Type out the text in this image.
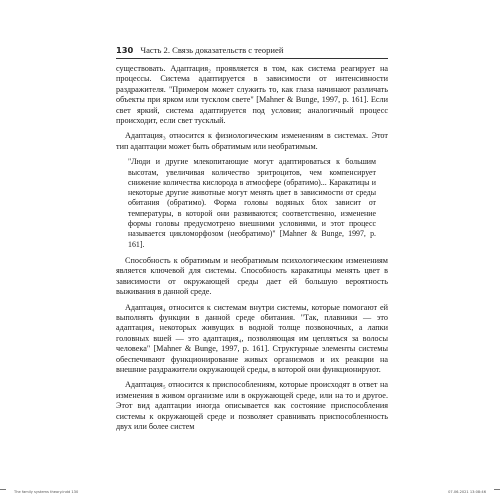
130 Часть 2. Связь доказательств с теорией

существовать. Адаптация₂ проявляется в том, как система реагирует на процессы. Система адаптируется в зависимости от интенсивности раздражителя. "Примером может служить то, как глаза начинают различать объекты при ярком или тусклом свете" [Mahner & Bunge, 1997, p. 161]. Если свет яркий, система адаптируется под условия; аналогичный процесс происходит, если свет тусклый.

Адаптация₃ относится к физиологическим изменениям в системах. Этот тип адаптации может быть обратимым или необратимым.

"Люди и другие млекопитающие могут адаптироваться к большим высотам, увеличивая количество эритроцитов, чем компенсирует снижение количества кислорода в атмосфере (обратимо)... Каракатицы и некоторые другие животные могут менять цвет в зависимости от среды обитания (обратимо). Форма головы водяных блох зависит от температуры, в которой они развиваются; соответственно, изменение формы головы предусмотрено внешними условиями, и этот процесс называется цикломорфозом (необратимо)" [Mahner & Bunge, 1997, p. 161].

Способность к обратимым и необратимым психологическим изменениям является ключевой для системы. Способность каракатицы менять цвет в зависимости от окружающей среды дает ей большую вероятность выживания в данной среде.

Адаптация₄ относится к системам внутри системы, которые помогают ей выполнять функции в данной среде обитания. "Так, плавники — это адаптация₄ некоторых живущих в водной толще позвоночных, а лапки головных вшей — это адаптация₄, позволяющая им цепляться за волосы человека" [Mahner & Bunge, 1997, p. 161]. Структурные элементы системы обеспечивают функционирование живых организмов и их реакции на внешние раздражители окружающей среды, в которой они функционируют.

Адаптация₅ относится к приспособлениям, которые происходят в ответ на изменения в живом организме или в окружающей среде, или на то и другое. Этот вид адаптации иногда описывается как состояние приспособления системы к окружающей среде и позволяет сравнивать приспособленность двух или более систем

The family systems theory.indd 130	07.06.2021 13:08:46
